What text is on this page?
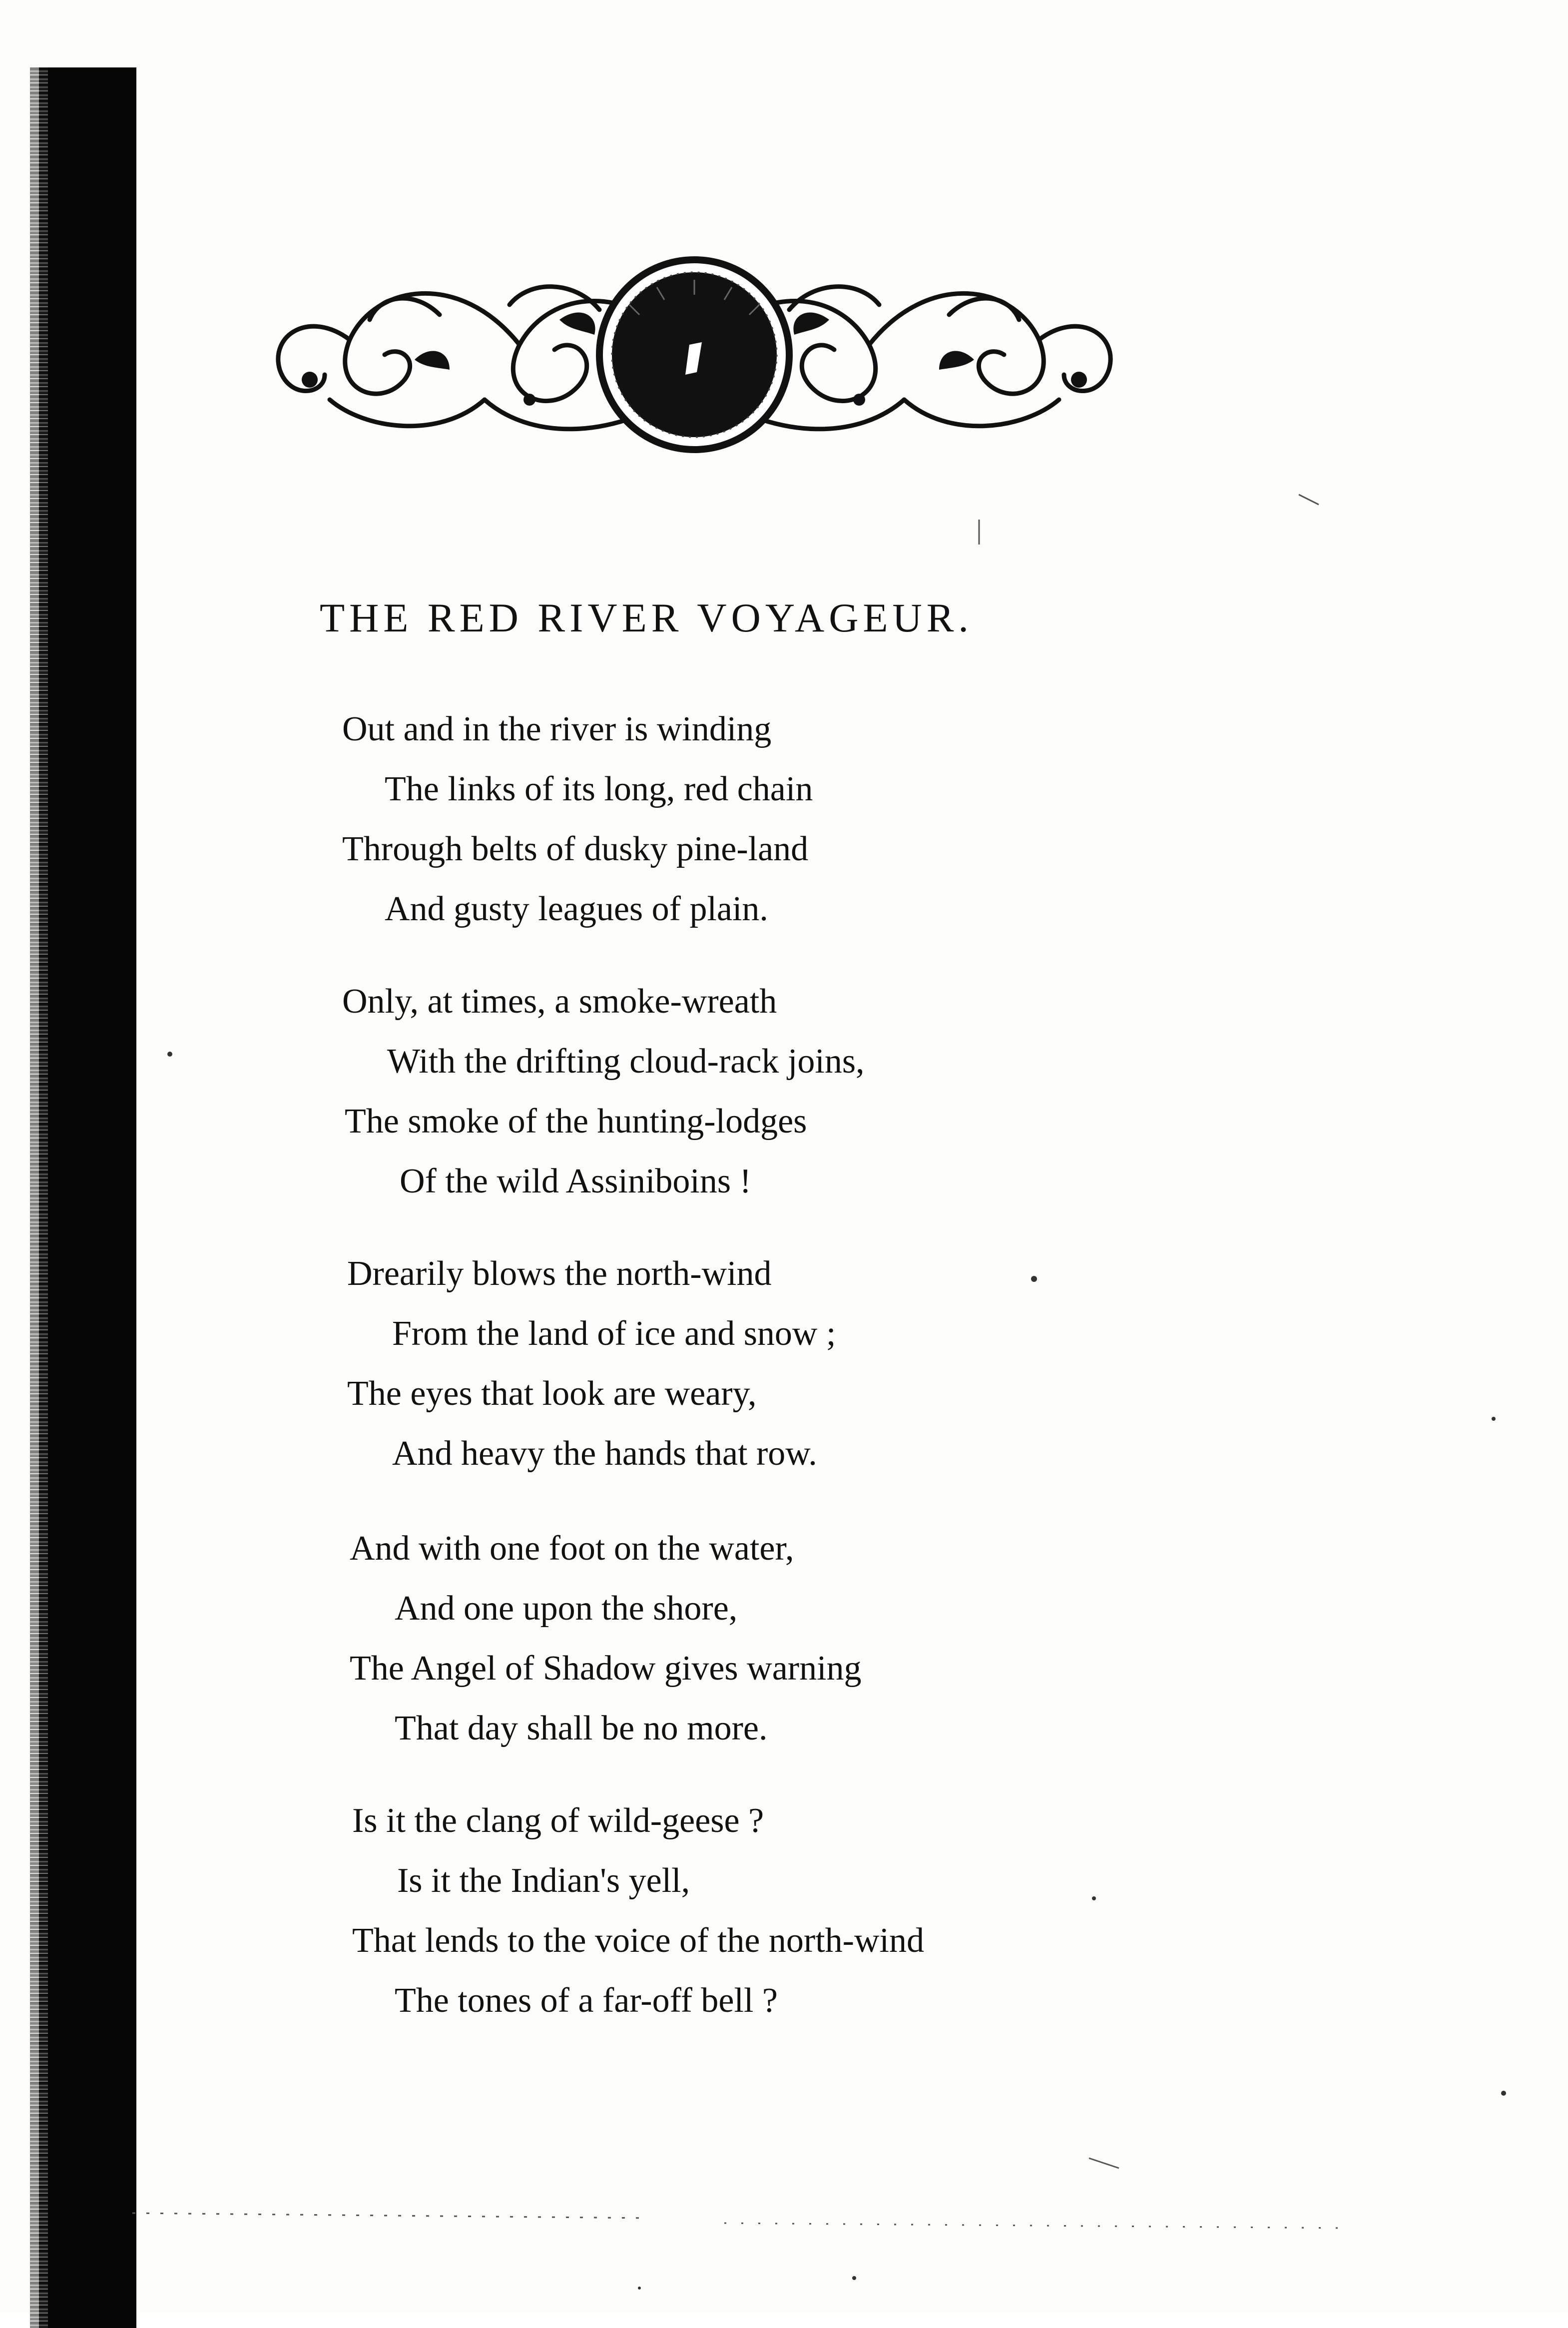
THE RED RIVER VOYAGEUR.
Out and in the river is winding
The links of its long, red chain
Through belts of dusky pine-land
And gusty leagues of plain.
Only, at times, a smoke-wreath
With the drifting cloud-rack joins,
The smoke of the hunting-lodges
Of the wild Assiniboins !
Drearily blows the north-wind
From the land of ice and snow ;
The eyes that look are weary,
And heavy the hands that row.
And with one foot on the water,
And one upon the shore,
The Angel of Shadow gives warning
That day shall be no more.
Is it the clang of wild-geese ?
Is it the Indian's yell,
That lends to the voice of the north-wind
The tones of a far-off bell ?
